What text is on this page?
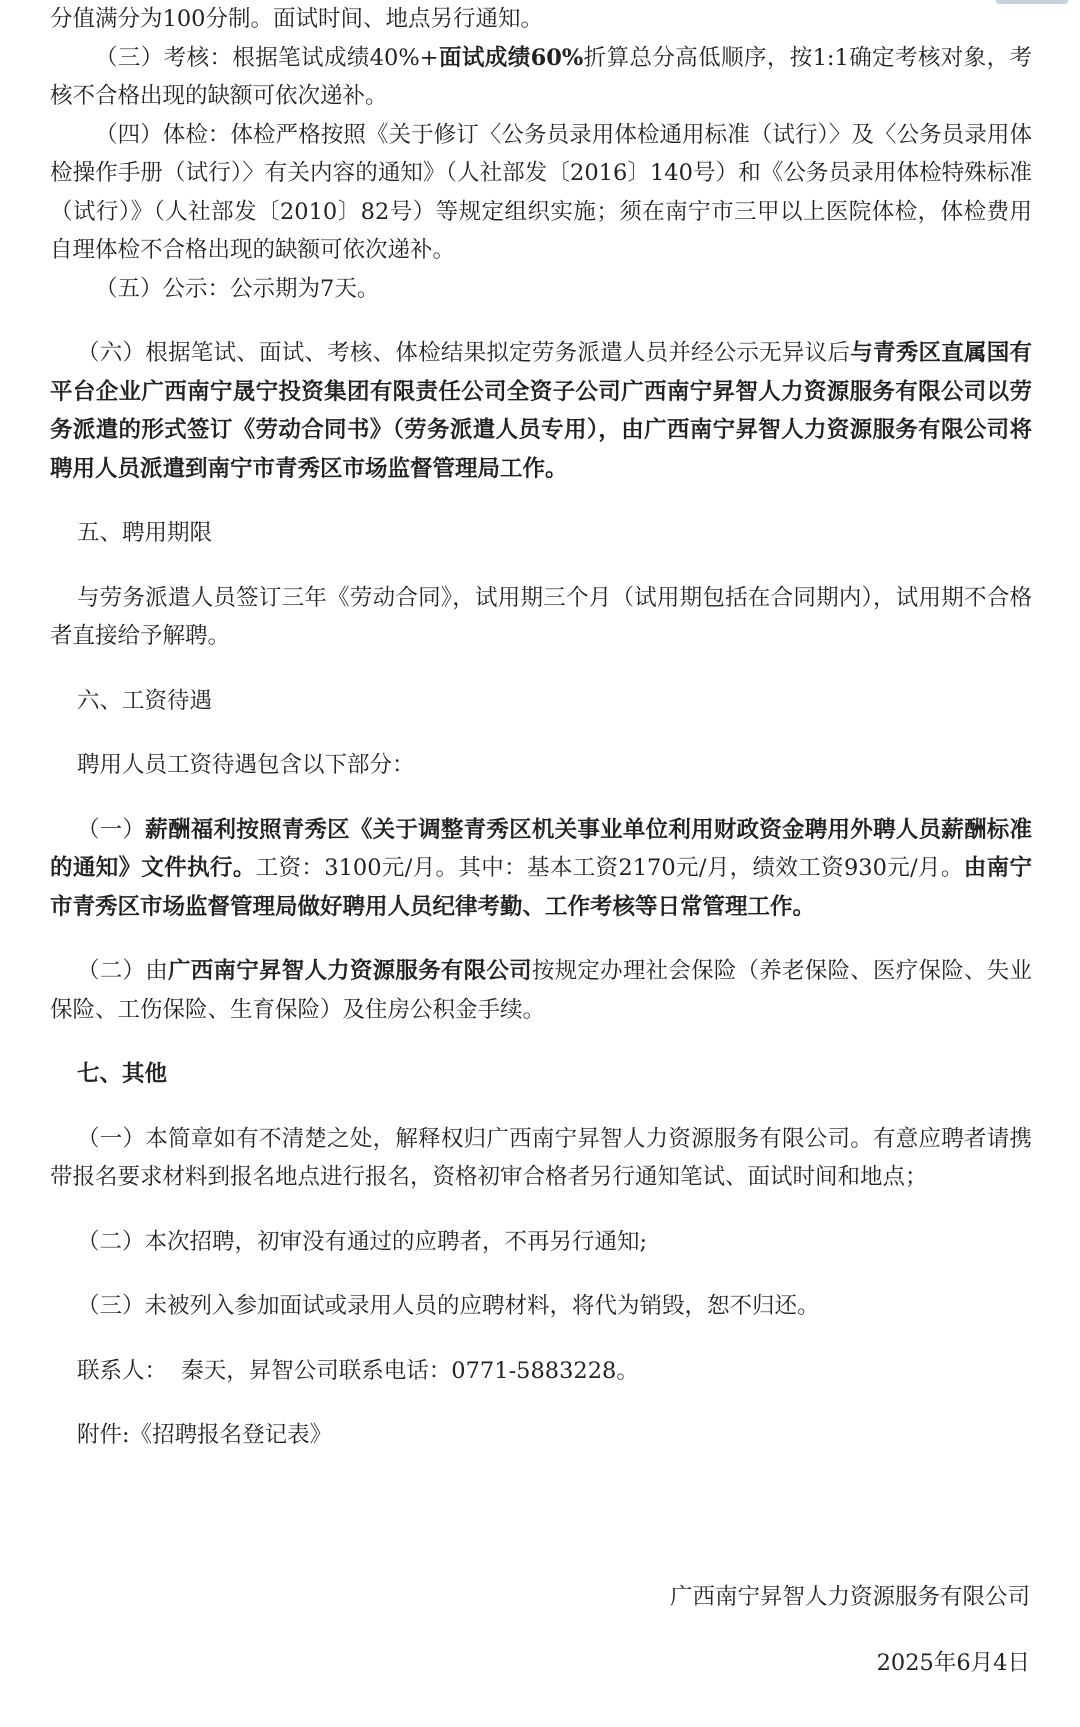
分值满分为100分制。面试时间、地点另行通知。

（三）考核：根据笔试成绩40%+面试成绩60%折算总分高低顺序，按1:1确定考核对象，考核不合格出现的缺额可依次递补。

（四）体检：体检严格按照《关于修订〈公务员录用体检通用标准（试行）〉及〈公务员录用体检操作手册（试行）〉有关内容的通知》（人社部发〔2016〕140号）和《公务员录用体检特殊标准（试行）》（人社部发〔2010〕82号）等规定组织实施；须在南宁市三甲以上医院体检，体检费用自理体检不合格出现的缺额可依次递补。

（五）公示：公示期为7天。

（六）根据笔试、面试、考核、体检结果拟定劳务派遣人员并经公示无异议后与青秀区直属国有平台企业广西南宁晟宁投资集团有限责任公司全资子公司广西南宁昇智人力资源服务有限公司以劳务派遣的形式签订《劳动合同书》（劳务派遣人员专用），由广西南宁昇智人力资源服务有限公司将聘用人员派遣到南宁市青秀区市场监督管理局工作。

五、聘用期限

与劳务派遣人员签订三年《劳动合同》，试用期三个月（试用期包括在合同期内），试用期不合格者直接给予解聘。

六、工资待遇

聘用人员工资待遇包含以下部分：

（一）薪酬福利按照青秀区《关于调整青秀区机关事业单位利用财政资金聘用外聘人员薪酬标准的通知》文件执行。工资：3100元/月。其中：基本工资2170元/月，绩效工资930元/月。由南宁市青秀区市场监督管理局做好聘用人员纪律考勤、工作考核等日常管理工作。

（二）由广西南宁昇智人力资源服务有限公司按规定办理社会保险（养老保险、医疗保险、失业保险、工伤保险、生育保险）及住房公积金手续。

七、其他

（一）本简章如有不清楚之处，解释权归广西南宁昇智人力资源服务有限公司。有意应聘者请携带报名要求材料到报名地点进行报名，资格初审合格者另行通知笔试、面试时间和地点；

（二）本次招聘，初审没有通过的应聘者，不再另行通知;

（三）未被列入参加面试或录用人员的应聘材料，将代为销毁，恕不归还。

联系人：  秦天，昇智公司联系电话：0771-5883228。

附件:《招聘报名登记表》

广西南宁昇智人力资源服务有限公司
2025年6月4日
